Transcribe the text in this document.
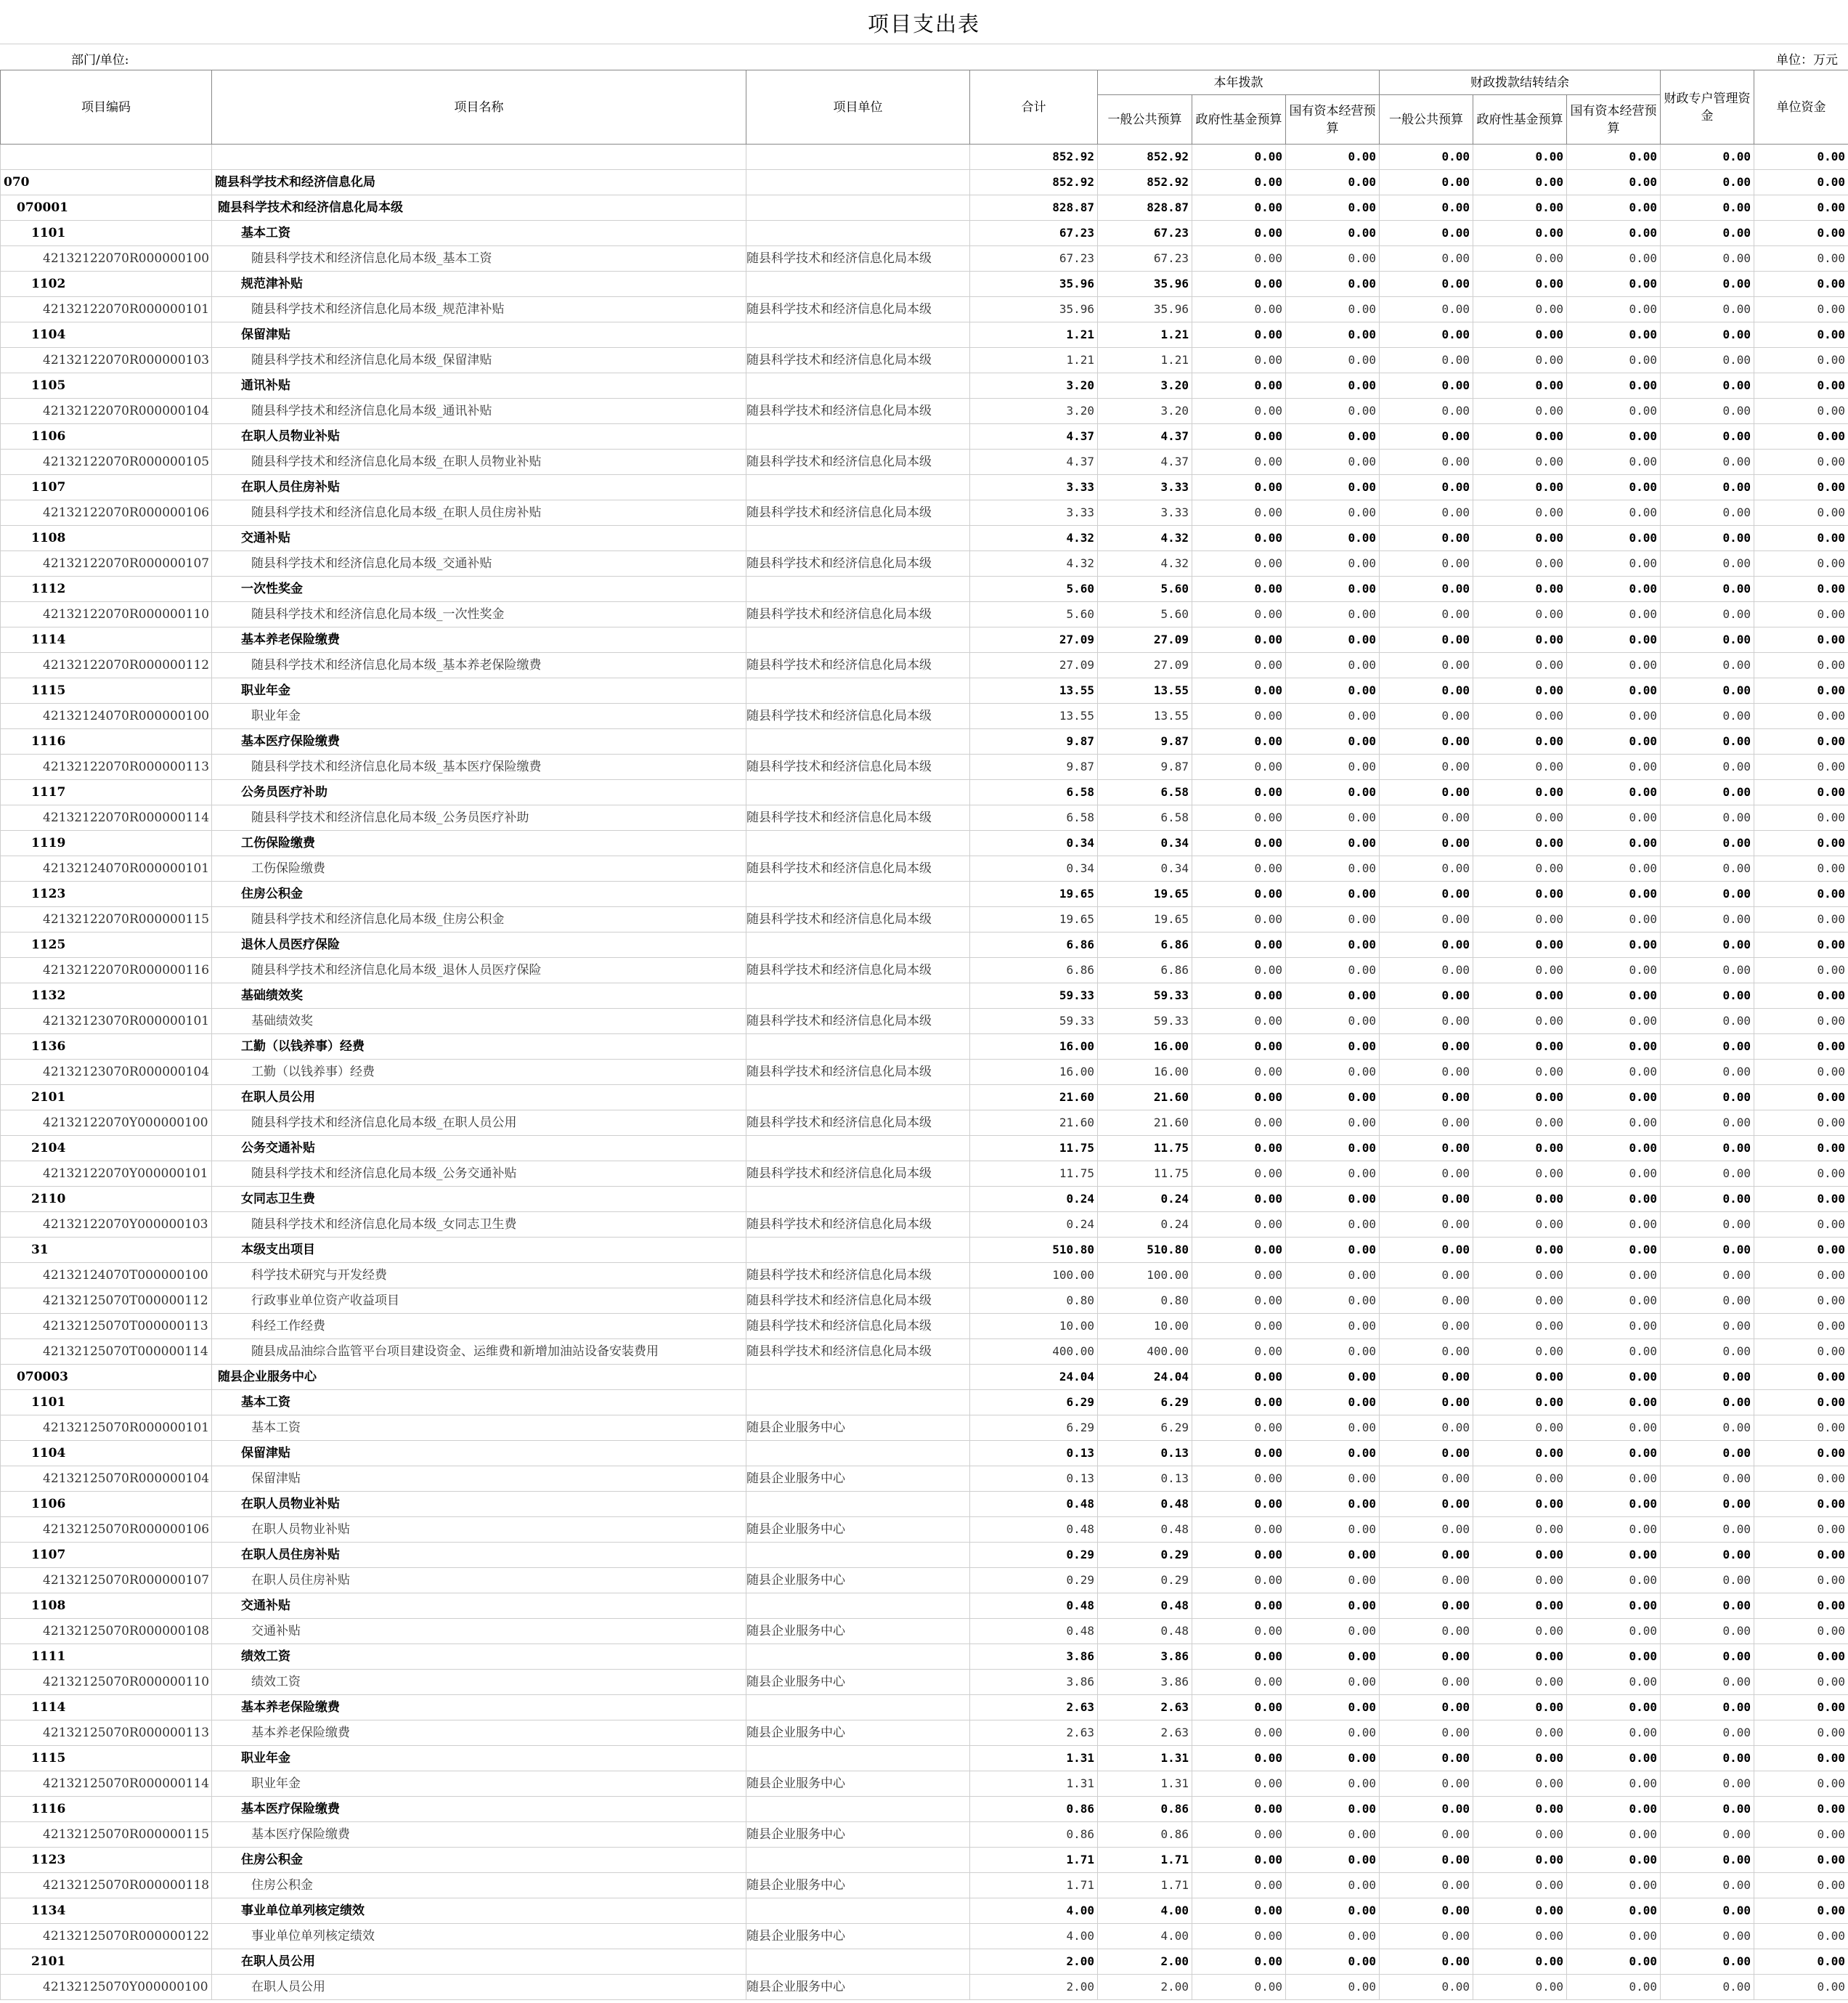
项目支出表
部门/单位:	单位：万元
项目编码	项目名称	项目单位	合计	本年拨款			财政拨款结转结余			财政专户管理资金	单位资金
				一般公共预算	政府性基金预算	国有资本经营预算	一般公共预算	政府性基金预算	国有资本经营预算		
			852.92	852.92	0.00	0.00	0.00	0.00	0.00	0.00	0.00
070	随县科学技术和经济信息化局		852.92	852.92	0.00	0.00	0.00	0.00	0.00	0.00	0.00
070001	随县科学技术和经济信息化局本级		828.87	828.87	0.00	0.00	0.00	0.00	0.00	0.00	0.00
1101	基本工资		67.23	67.23	0.00	0.00	0.00	0.00	0.00	0.00	0.00
42132122070R000000100	随县科学技术和经济信息化局本级_基本工资	随县科学技术和经济信息化局本级	67.23	67.23	0.00	0.00	0.00	0.00	0.00	0.00	0.00
1102	规范津补贴		35.96	35.96	0.00	0.00	0.00	0.00	0.00	0.00	0.00
42132122070R000000101	随县科学技术和经济信息化局本级_规范津补贴	随县科学技术和经济信息化局本级	35.96	35.96	0.00	0.00	0.00	0.00	0.00	0.00	0.00
1104	保留津贴		1.21	1.21	0.00	0.00	0.00	0.00	0.00	0.00	0.00
42132122070R000000103	随县科学技术和经济信息化局本级_保留津贴	随县科学技术和经济信息化局本级	1.21	1.21	0.00	0.00	0.00	0.00	0.00	0.00	0.00
1105	通讯补贴		3.20	3.20	0.00	0.00	0.00	0.00	0.00	0.00	0.00
42132122070R000000104	随县科学技术和经济信息化局本级_通讯补贴	随县科学技术和经济信息化局本级	3.20	3.20	0.00	0.00	0.00	0.00	0.00	0.00	0.00
1106	在职人员物业补贴		4.37	4.37	0.00	0.00	0.00	0.00	0.00	0.00	0.00
42132122070R000000105	随县科学技术和经济信息化局本级_在职人员物业补贴	随县科学技术和经济信息化局本级	4.37	4.37	0.00	0.00	0.00	0.00	0.00	0.00	0.00
1107	在职人员住房补贴		3.33	3.33	0.00	0.00	0.00	0.00	0.00	0.00	0.00
42132122070R000000106	随县科学技术和经济信息化局本级_在职人员住房补贴	随县科学技术和经济信息化局本级	3.33	3.33	0.00	0.00	0.00	0.00	0.00	0.00	0.00
1108	交通补贴		4.32	4.32	0.00	0.00	0.00	0.00	0.00	0.00	0.00
42132122070R000000107	随县科学技术和经济信息化局本级_交通补贴	随县科学技术和经济信息化局本级	4.32	4.32	0.00	0.00	0.00	0.00	0.00	0.00	0.00
1112	一次性奖金		5.60	5.60	0.00	0.00	0.00	0.00	0.00	0.00	0.00
42132122070R000000110	随县科学技术和经济信息化局本级_一次性奖金	随县科学技术和经济信息化局本级	5.60	5.60	0.00	0.00	0.00	0.00	0.00	0.00	0.00
1114	基本养老保险缴费		27.09	27.09	0.00	0.00	0.00	0.00	0.00	0.00	0.00
42132122070R000000112	随县科学技术和经济信息化局本级_基本养老保险缴费	随县科学技术和经济信息化局本级	27.09	27.09	0.00	0.00	0.00	0.00	0.00	0.00	0.00
1115	职业年金		13.55	13.55	0.00	0.00	0.00	0.00	0.00	0.00	0.00
42132124070R000000100	职业年金	随县科学技术和经济信息化局本级	13.55	13.55	0.00	0.00	0.00	0.00	0.00	0.00	0.00
1116	基本医疗保险缴费		9.87	9.87	0.00	0.00	0.00	0.00	0.00	0.00	0.00
42132122070R000000113	随县科学技术和经济信息化局本级_基本医疗保险缴费	随县科学技术和经济信息化局本级	9.87	9.87	0.00	0.00	0.00	0.00	0.00	0.00	0.00
1117	公务员医疗补助		6.58	6.58	0.00	0.00	0.00	0.00	0.00	0.00	0.00
42132122070R000000114	随县科学技术和经济信息化局本级_公务员医疗补助	随县科学技术和经济信息化局本级	6.58	6.58	0.00	0.00	0.00	0.00	0.00	0.00	0.00
1119	工伤保险缴费		0.34	0.34	0.00	0.00	0.00	0.00	0.00	0.00	0.00
42132124070R000000101	工伤保险缴费	随县科学技术和经济信息化局本级	0.34	0.34	0.00	0.00	0.00	0.00	0.00	0.00	0.00
1123	住房公积金		19.65	19.65	0.00	0.00	0.00	0.00	0.00	0.00	0.00
42132122070R000000115	随县科学技术和经济信息化局本级_住房公积金	随县科学技术和经济信息化局本级	19.65	19.65	0.00	0.00	0.00	0.00	0.00	0.00	0.00
1125	退休人员医疗保险		6.86	6.86	0.00	0.00	0.00	0.00	0.00	0.00	0.00
42132122070R000000116	随县科学技术和经济信息化局本级_退休人员医疗保险	随县科学技术和经济信息化局本级	6.86	6.86	0.00	0.00	0.00	0.00	0.00	0.00	0.00
1132	基础绩效奖		59.33	59.33	0.00	0.00	0.00	0.00	0.00	0.00	0.00
42132123070R000000101	基础绩效奖	随县科学技术和经济信息化局本级	59.33	59.33	0.00	0.00	0.00	0.00	0.00	0.00	0.00
1136	工勤（以钱养事）经费		16.00	16.00	0.00	0.00	0.00	0.00	0.00	0.00	0.00
42132123070R000000104	工勤（以钱养事）经费	随县科学技术和经济信息化局本级	16.00	16.00	0.00	0.00	0.00	0.00	0.00	0.00	0.00
2101	在职人员公用		21.60	21.60	0.00	0.00	0.00	0.00	0.00	0.00	0.00
42132122070Y000000100	随县科学技术和经济信息化局本级_在职人员公用	随县科学技术和经济信息化局本级	21.60	21.60	0.00	0.00	0.00	0.00	0.00	0.00	0.00
2104	公务交通补贴		11.75	11.75	0.00	0.00	0.00	0.00	0.00	0.00	0.00
42132122070Y000000101	随县科学技术和经济信息化局本级_公务交通补贴	随县科学技术和经济信息化局本级	11.75	11.75	0.00	0.00	0.00	0.00	0.00	0.00	0.00
2110	女同志卫生费		0.24	0.24	0.00	0.00	0.00	0.00	0.00	0.00	0.00
42132122070Y000000103	随县科学技术和经济信息化局本级_女同志卫生费	随县科学技术和经济信息化局本级	0.24	0.24	0.00	0.00	0.00	0.00	0.00	0.00	0.00
31	本级支出项目		510.80	510.80	0.00	0.00	0.00	0.00	0.00	0.00	0.00
42132124070T000000100	科学技术研究与开发经费	随县科学技术和经济信息化局本级	100.00	100.00	0.00	0.00	0.00	0.00	0.00	0.00	0.00
42132125070T000000112	行政事业单位资产收益项目	随县科学技术和经济信息化局本级	0.80	0.80	0.00	0.00	0.00	0.00	0.00	0.00	0.00
42132125070T000000113	科经工作经费	随县科学技术和经济信息化局本级	10.00	10.00	0.00	0.00	0.00	0.00	0.00	0.00	0.00
42132125070T000000114	随县成品油综合监管平台项目建设资金、运维费和新增加油站设备安装费用	随县科学技术和经济信息化局本级	400.00	400.00	0.00	0.00	0.00	0.00	0.00	0.00	0.00
070003	随县企业服务中心		24.04	24.04	0.00	0.00	0.00	0.00	0.00	0.00	0.00
1101	基本工资		6.29	6.29	0.00	0.00	0.00	0.00	0.00	0.00	0.00
42132125070R000000101	基本工资	随县企业服务中心	6.29	6.29	0.00	0.00	0.00	0.00	0.00	0.00	0.00
1104	保留津贴		0.13	0.13	0.00	0.00	0.00	0.00	0.00	0.00	0.00
42132125070R000000104	保留津贴	随县企业服务中心	0.13	0.13	0.00	0.00	0.00	0.00	0.00	0.00	0.00
1106	在职人员物业补贴		0.48	0.48	0.00	0.00	0.00	0.00	0.00	0.00	0.00
42132125070R000000106	在职人员物业补贴	随县企业服务中心	0.48	0.48	0.00	0.00	0.00	0.00	0.00	0.00	0.00
1107	在职人员住房补贴		0.29	0.29	0.00	0.00	0.00	0.00	0.00	0.00	0.00
42132125070R000000107	在职人员住房补贴	随县企业服务中心	0.29	0.29	0.00	0.00	0.00	0.00	0.00	0.00	0.00
1108	交通补贴		0.48	0.48	0.00	0.00	0.00	0.00	0.00	0.00	0.00
42132125070R000000108	交通补贴	随县企业服务中心	0.48	0.48	0.00	0.00	0.00	0.00	0.00	0.00	0.00
1111	绩效工资		3.86	3.86	0.00	0.00	0.00	0.00	0.00	0.00	0.00
42132125070R000000110	绩效工资	随县企业服务中心	3.86	3.86	0.00	0.00	0.00	0.00	0.00	0.00	0.00
1114	基本养老保险缴费		2.63	2.63	0.00	0.00	0.00	0.00	0.00	0.00	0.00
42132125070R000000113	基本养老保险缴费	随县企业服务中心	2.63	2.63	0.00	0.00	0.00	0.00	0.00	0.00	0.00
1115	职业年金		1.31	1.31	0.00	0.00	0.00	0.00	0.00	0.00	0.00
42132125070R000000114	职业年金	随县企业服务中心	1.31	1.31	0.00	0.00	0.00	0.00	0.00	0.00	0.00
1116	基本医疗保险缴费		0.86	0.86	0.00	0.00	0.00	0.00	0.00	0.00	0.00
42132125070R000000115	基本医疗保险缴费	随县企业服务中心	0.86	0.86	0.00	0.00	0.00	0.00	0.00	0.00	0.00
1123	住房公积金		1.71	1.71	0.00	0.00	0.00	0.00	0.00	0.00	0.00
42132125070R000000118	住房公积金	随县企业服务中心	1.71	1.71	0.00	0.00	0.00	0.00	0.00	0.00	0.00
1134	事业单位单列核定绩效		4.00	4.00	0.00	0.00	0.00	0.00	0.00	0.00	0.00
42132125070R000000122	事业单位单列核定绩效	随县企业服务中心	4.00	4.00	0.00	0.00	0.00	0.00	0.00	0.00	0.00
2101	在职人员公用		2.00	2.00	0.00	0.00	0.00	0.00	0.00	0.00	0.00
42132125070Y000000100	在职人员公用	随县企业服务中心	2.00	2.00	0.00	0.00	0.00	0.00	0.00	0.00	0.00
